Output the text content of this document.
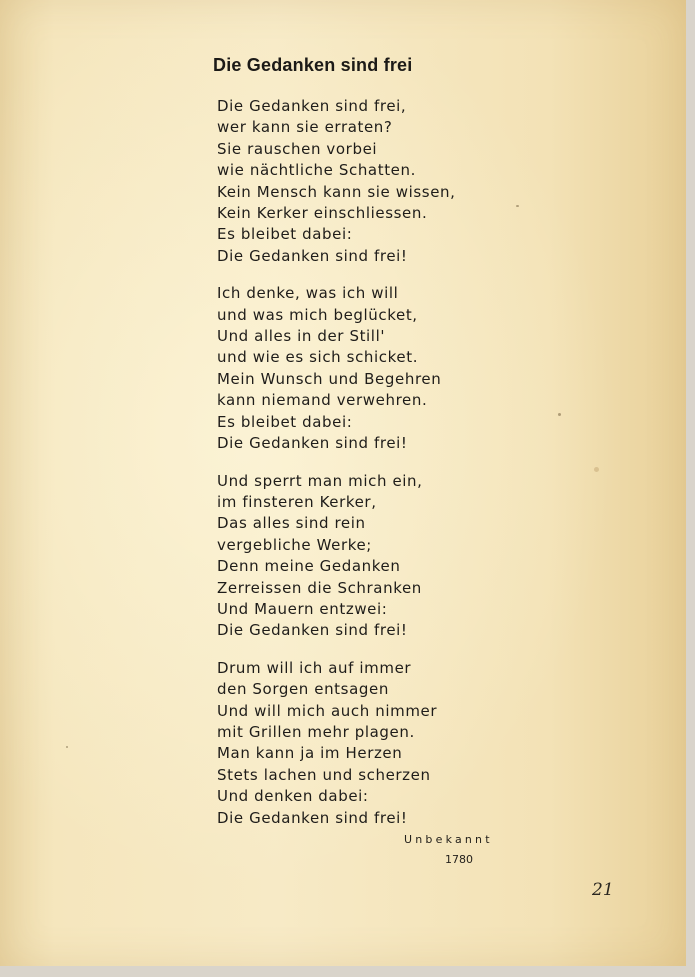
Die Gedanken sind frei
Die Gedanken sind frei,
wer kann sie erraten?
Sie rauschen vorbei
wie nächtliche Schatten.
Kein Mensch kann sie wissen,
Kein Kerker einschliessen.
Es bleibet dabei:
Die Gedanken sind frei!
Ich denke, was ich will
und was mich beglücket,
Und alles in der Still'
und wie es sich schicket.
Mein Wunsch und Begehren
kann niemand verwehren.
Es bleibet dabei:
Die Gedanken sind frei!
Und sperrt man mich ein,
im finsteren Kerker,
Das alles sind rein
vergebliche Werke;
Denn meine Gedanken
Zerreissen die Schranken
Und Mauern entzwei:
Die Gedanken sind frei!
Drum will ich auf immer
den Sorgen entsagen
Und will mich auch nimmer
mit Grillen mehr plagen.
Man kann ja im Herzen
Stets lachen und scherzen
Und denken dabei:
Die Gedanken sind frei!
Unbekannt
1780
21
